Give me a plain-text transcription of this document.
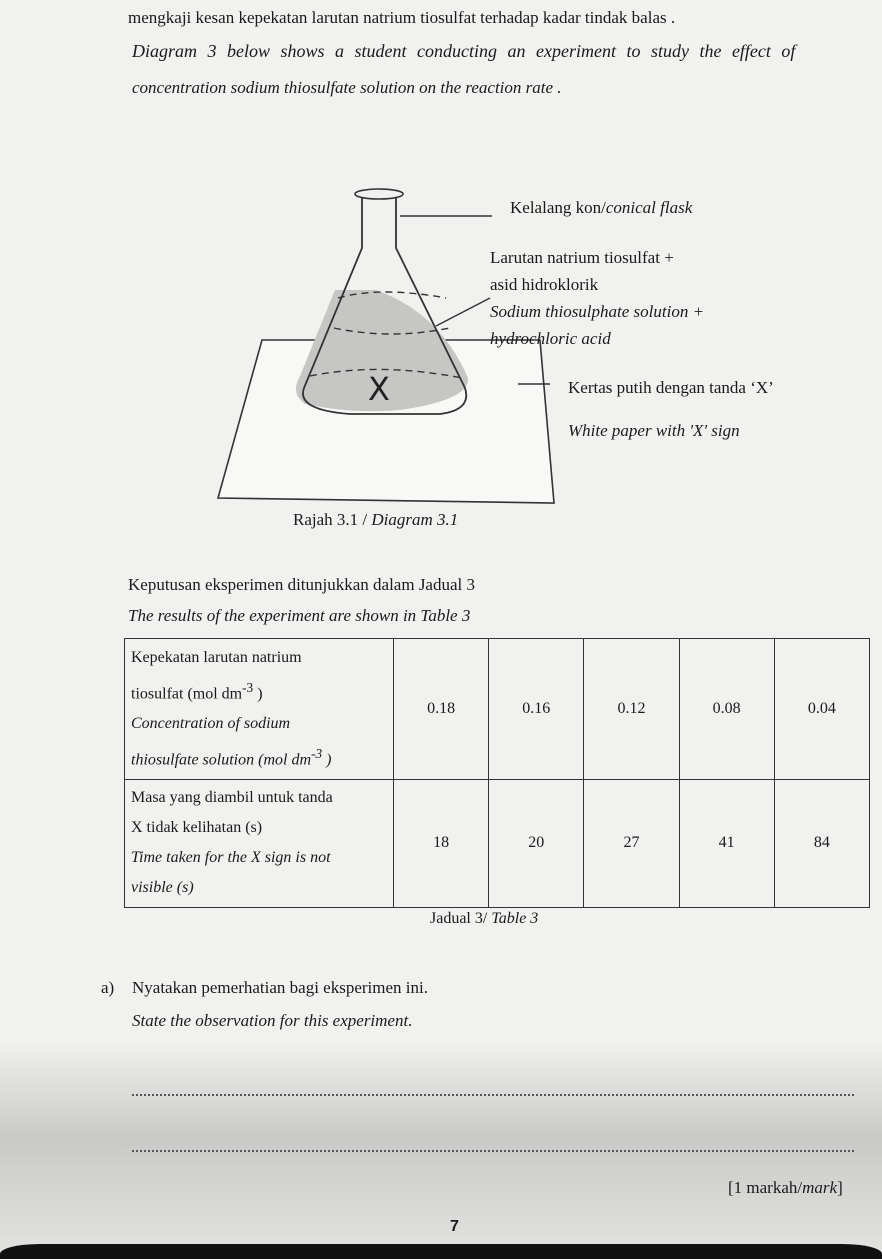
mengkaji kesan kepekatan larutan natrium tiosulfat terhadap kadar tindak balas .
Diagram 3 below shows a student conducting an experiment to study the effect of
concentration sodium thiosulfate solution on the reaction rate .
X
Kelalang kon/conical flask
Larutan natrium tiosulfat +
asid hidroklorik
Sodium thiosulphate solution +
hydrochloric acid
Kertas putih dengan tanda ‘X’
White paper with 'X' sign
Rajah 3.1 / Diagram 3.1
Keputusan eksperimen ditunjukkan dalam Jadual 3
The results of the experiment are shown in Table 3
Kepekatan larutan natrium
tiosulfat (mol $dm^{-3}$ )
Concentration of sodium
thiosulfate solution (mol $dm^{-3}$ )	0.18	0.16	0.12	0.08	0.04

Masa yang diambil untuk tanda
X tidak kelihatan (s)
Time taken for the X sign is not
visible (s)	18	20	27	41	84
Jadual 3/ Table 3
a) Nyatakan pemerhatian bagi eksperimen ini.
State the observation for this experiment.
[1 markah/mark]
7
